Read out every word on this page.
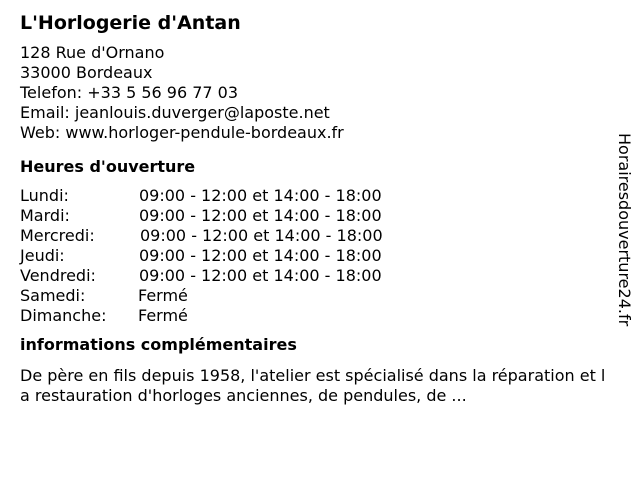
L'Horlogerie d'Antan
128 Rue d'Ornano
33000 Bordeaux
Telefon: +33 5 56 96 77 03
Email: jeanlouis.duverger@laposte.net
Web: www.horloger-pendule-bordeaux.fr
Heures d'ouverture
Lundi:	09:00 - 12:00 et 14:00 - 18:00
Mardi:	09:00 - 12:00 et 14:00 - 18:00
Mercredi:	09:00 - 12:00 et 14:00 - 18:00
Jeudi:	09:00 - 12:00 et 14:00 - 18:00
Vendredi:	09:00 - 12:00 et 14:00 - 18:00
Samedi:	Fermé
Dimanche: Fermé
informations complémentaires

De père en fils depuis 1958, l'atelier est spécialisé dans la réparation et la restauration d'horloges anciennes, de pendules, de ...

Horairesdouverture24.fr
